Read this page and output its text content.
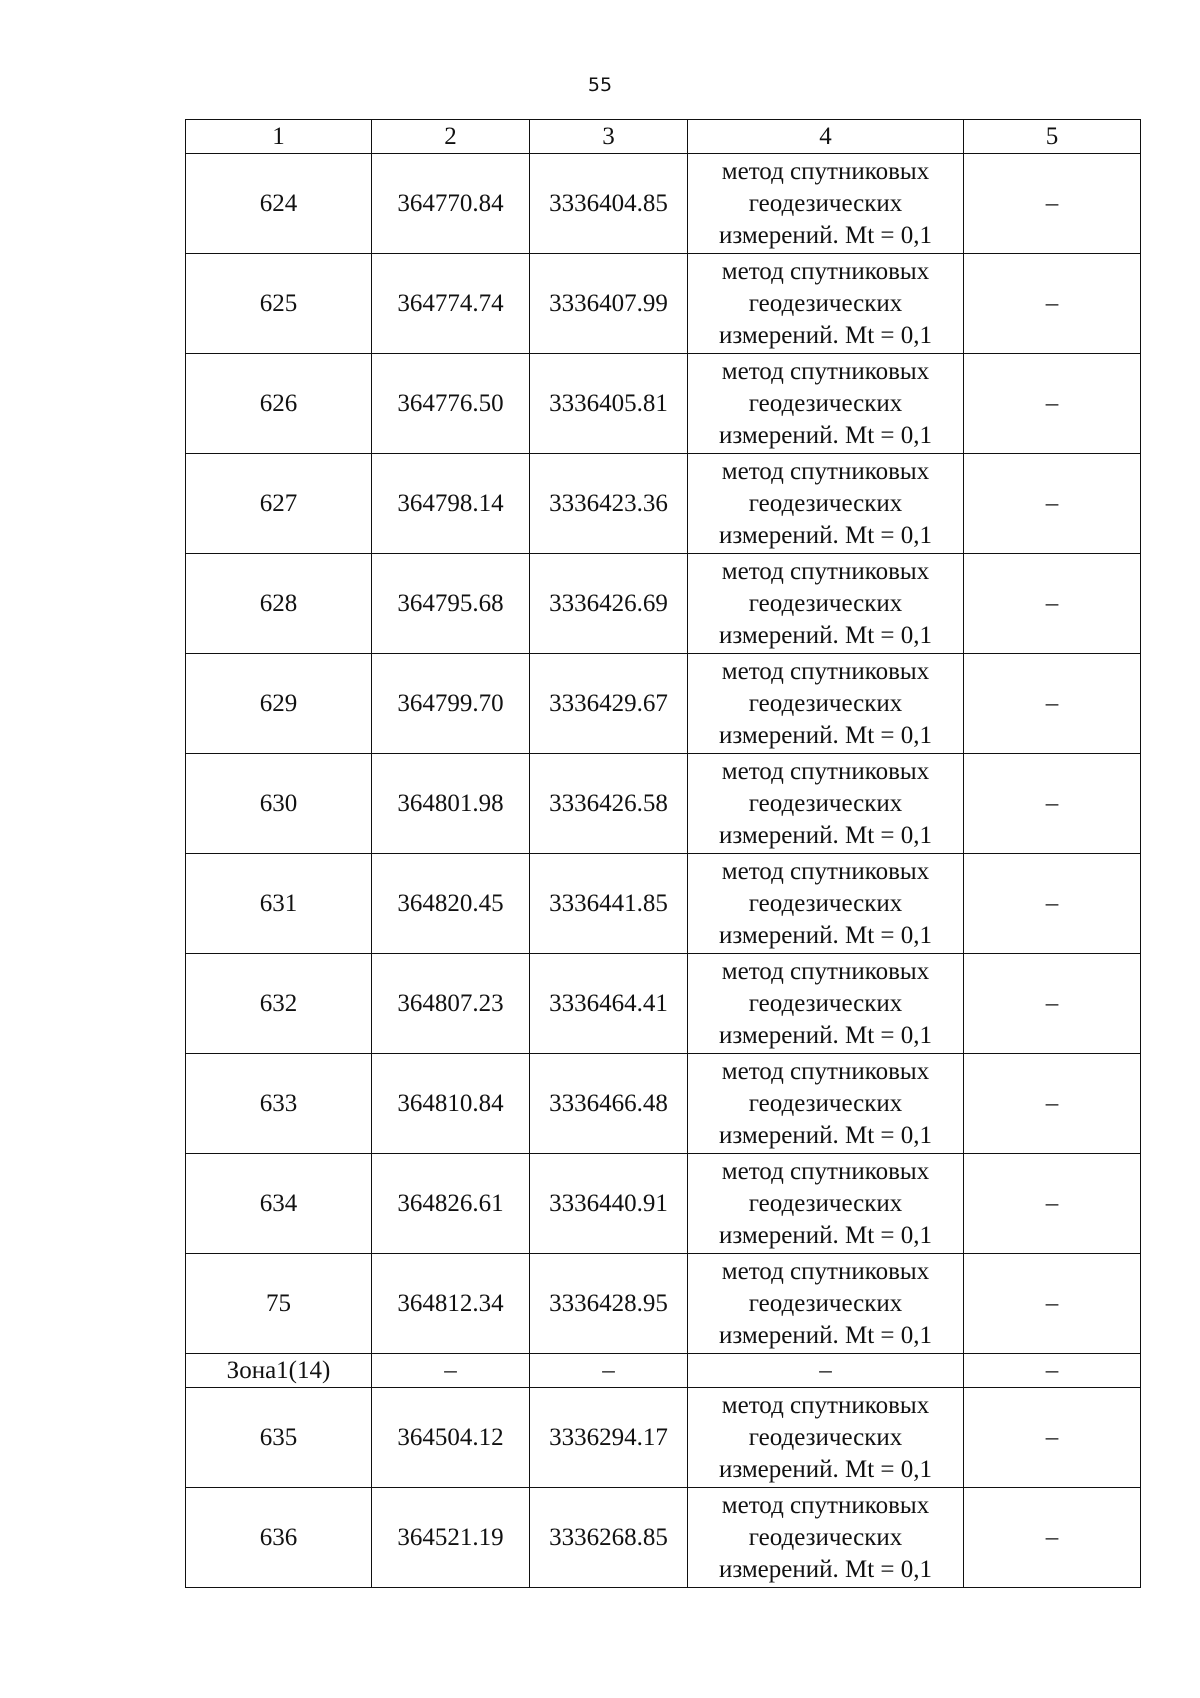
55
1	2	3	4	5
624	364770.84	3336404.85	метод спутниковых
геодезических
измерений. Mt = 0,1	–
625	364774.74	3336407.99	метод спутниковых
геодезических
измерений. Mt = 0,1	–
626	364776.50	3336405.81	метод спутниковых
геодезических
измерений. Mt = 0,1	–
627	364798.14	3336423.36	метод спутниковых
геодезических
измерений. Mt = 0,1	–
628	364795.68	3336426.69	метод спутниковых
геодезических
измерений. Mt = 0,1	–
629	364799.70	3336429.67	метод спутниковых
геодезических
измерений. Mt = 0,1	–
630	364801.98	3336426.58	метод спутниковых
геодезических
измерений. Mt = 0,1	–
631	364820.45	3336441.85	метод спутниковых
геодезических
измерений. Mt = 0,1	–
632	364807.23	3336464.41	метод спутниковых
геодезических
измерений. Mt = 0,1	–
633	364810.84	3336466.48	метод спутниковых
геодезических
измерений. Mt = 0,1	–
634	364826.61	3336440.91	метод спутниковых
геодезических
измерений. Mt = 0,1	–
75	364812.34	3336428.95	метод спутниковых
геодезических
измерений. Mt = 0,1	–
Зона1(14)	–	–	–	–
635	364504.12	3336294.17	метод спутниковых
геодезических
измерений. Mt = 0,1	–
636	364521.19	3336268.85	метод спутниковых
геодезических
измерений. Mt = 0,1	–
